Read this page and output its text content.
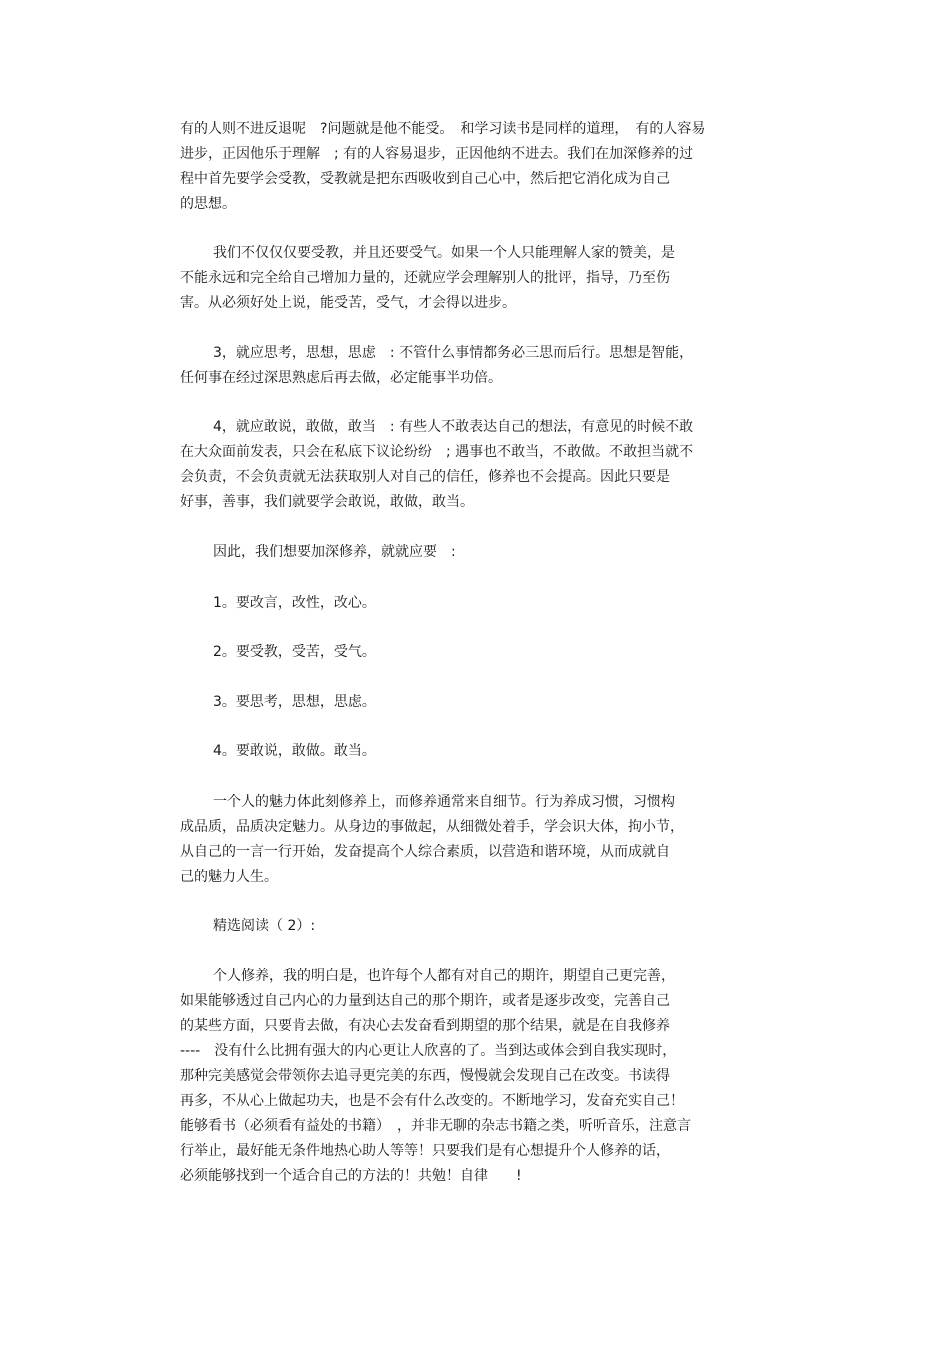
有的人则不进反退呢　?问题就是他不能受。　和学习读书是同样的道理，　有的人容易
进步，正因他乐于理解　; 有的人容易退步，正因他纳不进去。我们在加深修养的过
程中首先要学会受教，受教就是把东西吸收到自己心中，然后把它消化成为自己
的思想。
我们不仅仅仅要受教，并且还要受气。如果一个人只能理解人家的赞美，是
不能永远和完全给自己增加力量的，还就应学会理解别人的批评，指导，乃至伤
害。从必须好处上说，能受苦，受气，才会得以进步。
3，就应思考，思想，思虑　: 不管什么事情都务必三思而后行。思想是智能，
任何事在经过深思熟虑后再去做，必定能事半功倍。
4，就应敢说，敢做，敢当　: 有些人不敢表达自己的想法，有意见的时候不敢
在大众面前发表，只会在私底下议论纷纷　; 遇事也不敢当，不敢做。不敢担当就不
会负责，不会负责就无法获取别人对自己的信任，修养也不会提高。因此只要是
好事，善事，我们就要学会敢说，敢做，敢当。
因此，我们想要加深修养，就就应要　:
1。要改言，改性，改心。
2。要受教，受苦，受气。
3。要思考，思想，思虑。
4。要敢说，敢做。敢当。
一个人的魅力体此刻修养上，而修养通常来自细节。行为养成习惯，习惯构
成品质，品质决定魅力。从身边的事做起，从细微处着手，学会识大体，拘小节，
从自己的一言一行开始，发奋提高个人综合素质，以营造和谐环境，从而成就自
己的魅力人生。
精选阅读（ 2）:
个人修养，我的明白是，也许每个人都有对自己的期许，期望自己更完善，
如果能够透过自己内心的力量到达自己的那个期许，或者是逐步改变，完善自己
的某些方面，只要肯去做，有决心去发奋看到期望的那个结果，就是在自我修养
----　没有什么比拥有强大的内心更让人欣喜的了。当到达或体会到自我实现时，
那种完美感觉会带领你去追寻更完美的东西，慢慢就会发现自己在改变。书读得
再多，不从心上做起功夫，也是不会有什么改变的。不断地学习，发奋充实自己！
能够看书（必须看有益处的书籍）　，并非无聊的杂志书籍之类，听听音乐，注意言
行举止，最好能无条件地热心助人等等！只要我们是有心想提升个人修养的话，
必须能够找到一个适合自己的方法的！共勉！自律　　!
